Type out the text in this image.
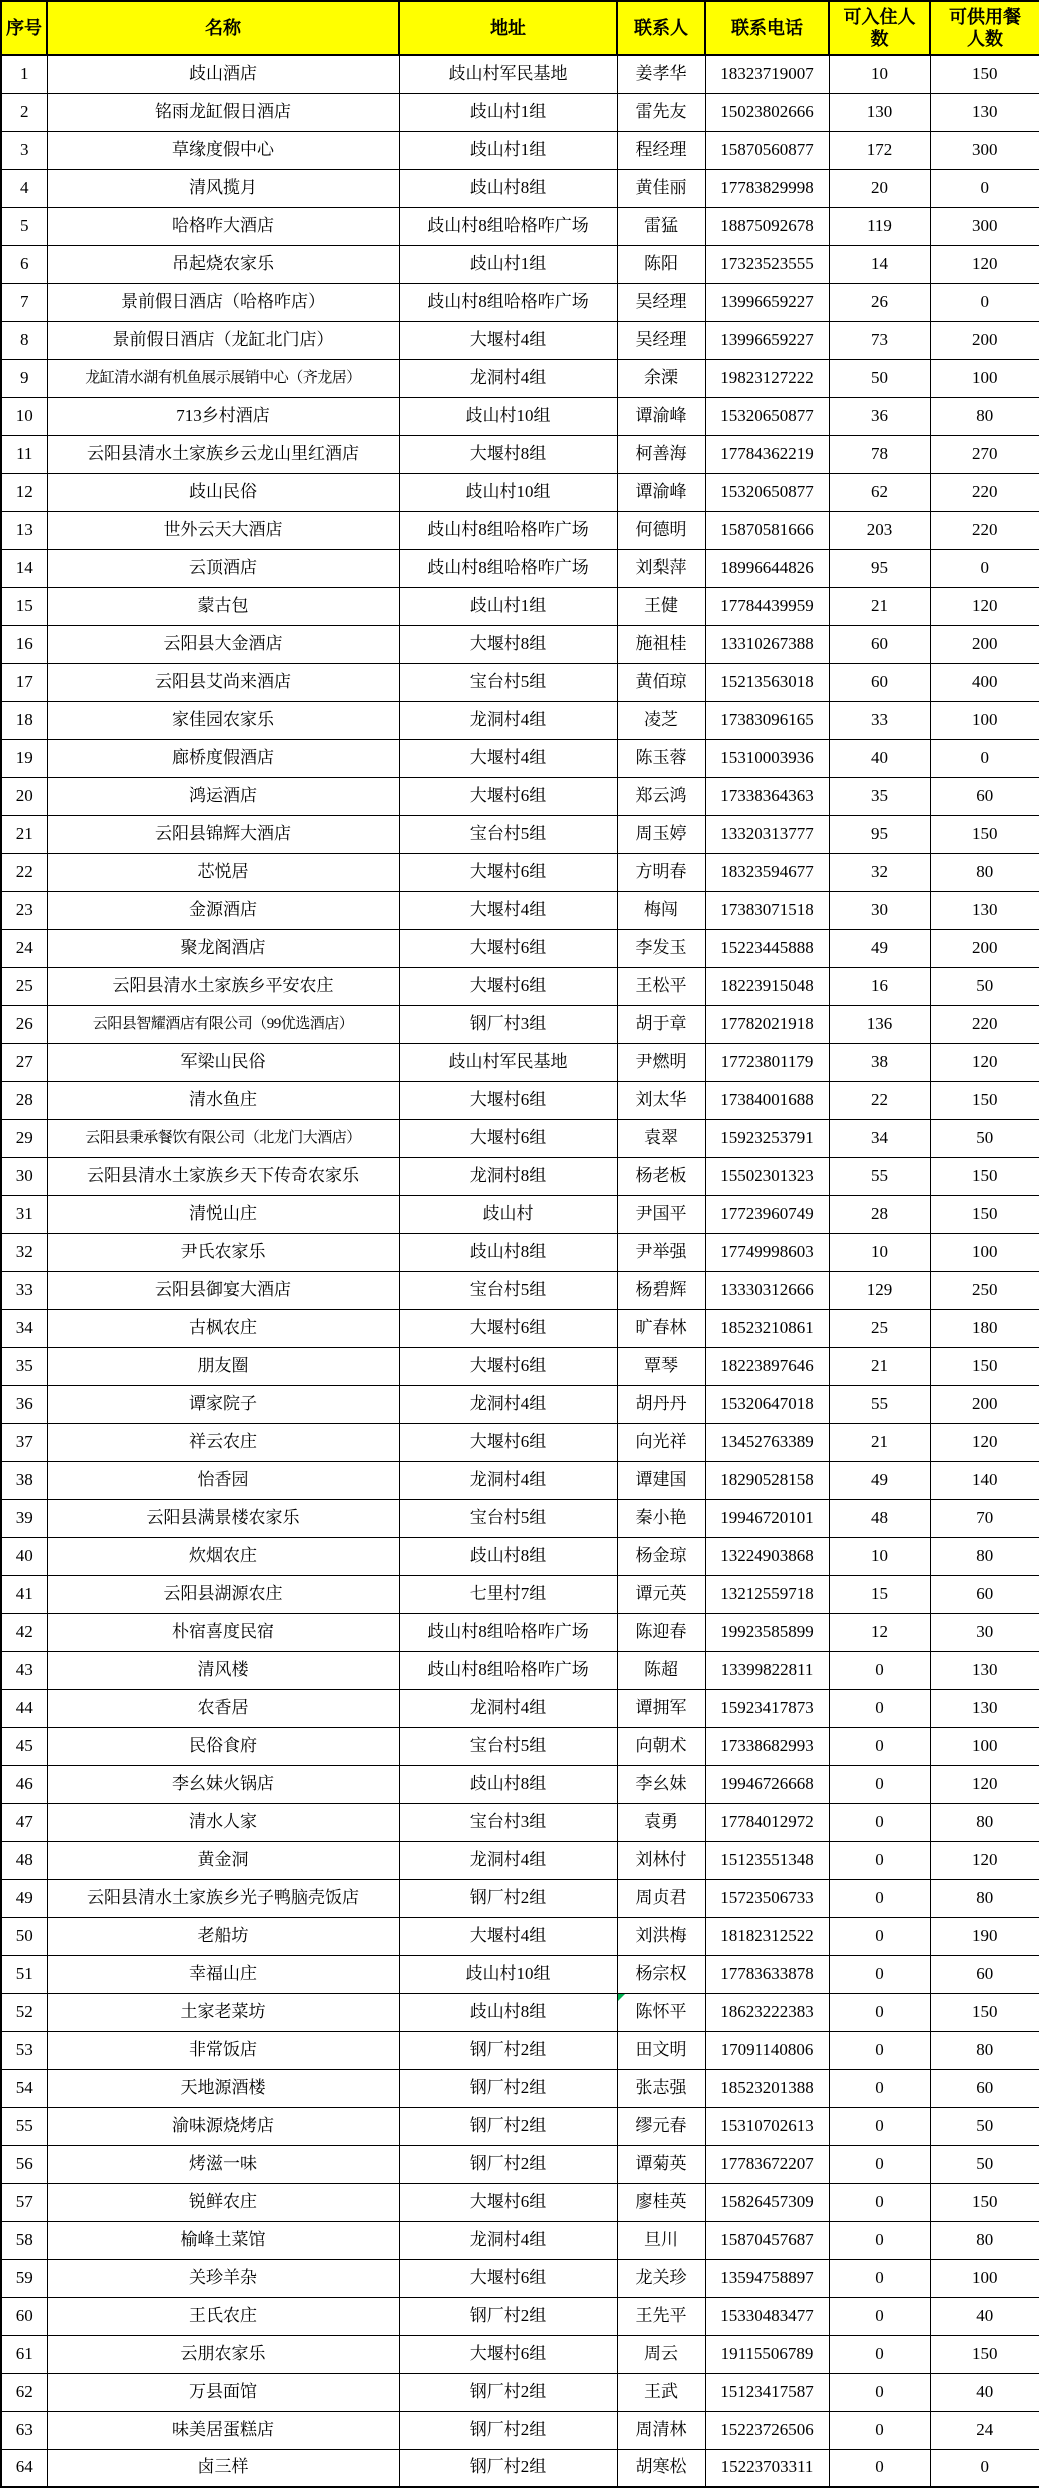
序号	名称	地址	联系人	联系电话	可入住人数	可供用餐人数
1	歧山酒店	歧山村军民基地	姜孝华	18323719007	10	150
2	铭雨龙缸假日酒店	歧山村1组	雷先友	15023802666	130	130
3	草缘度假中心	歧山村1组	程经理	15870560877	172	300
4	清风揽月	歧山村8组	黄佳丽	17783829998	20	0
5	哈格咋大酒店	歧山村8组哈格咋广场	雷猛	18875092678	119	300
6	吊起烧农家乐	歧山村1组	陈阳	17323523555	14	120
7	景前假日酒店（哈格咋店）	歧山村8组哈格咋广场	吴经理	13996659227	26	0
8	景前假日酒店（龙缸北门店）	大堰村4组	吴经理	13996659227	73	200
9	龙缸清水湖有机鱼展示展销中心（齐龙居）	龙洞村4组	余溧	19823127222	50	100
10	713乡村酒店	歧山村10组	谭渝峰	15320650877	36	80
11	云阳县清水土家族乡云龙山里红酒店	大堰村8组	柯善海	17784362219	78	270
12	歧山民俗	歧山村10组	谭渝峰	15320650877	62	220
13	世外云天大酒店	歧山村8组哈格咋广场	何德明	15870581666	203	220
14	云顶酒店	歧山村8组哈格咋广场	刘梨萍	18996644826	95	0
15	蒙古包	歧山村1组	王健	17784439959	21	120
16	云阳县大金酒店	大堰村8组	施祖桂	13310267388	60	200
17	云阳县艾尚来酒店	宝台村5组	黄佰琼	15213563018	60	400
18	家佳园农家乐	龙洞村4组	凌芝	17383096165	33	100
19	廊桥度假酒店	大堰村4组	陈玉蓉	15310003936	40	0
20	鸿运酒店	大堰村6组	郑云鸿	17338364363	35	60
21	云阳县锦辉大酒店	宝台村5组	周玉婷	13320313777	95	150
22	芯悦居	大堰村6组	方明春	18323594677	32	80
23	金源酒店	大堰村4组	梅闯	17383071518	30	130
24	聚龙阁酒店	大堰村6组	李发玉	15223445888	49	200
25	云阳县清水土家族乡平安农庄	大堰村6组	王松平	18223915048	16	50
26	云阳县智耀酒店有限公司（99优选酒店）	钢厂村3组	胡于章	17782021918	136	220
27	军梁山民俗	歧山村军民基地	尹燃明	17723801179	38	120
28	清水鱼庄	大堰村6组	刘太华	17384001688	22	150
29	云阳县秉承餐饮有限公司（北龙门大酒店）	大堰村6组	袁翠	15923253791	34	50
30	云阳县清水土家族乡天下传奇农家乐	龙洞村8组	杨老板	15502301323	55	150
31	清悦山庄	歧山村	尹国平	17723960749	28	150
32	尹氏农家乐	歧山村8组	尹举强	17749998603	10	100
33	云阳县御宴大酒店	宝台村5组	杨碧辉	13330312666	129	250
34	古枫农庄	大堰村6组	旷春林	18523210861	25	180
35	朋友圈	大堰村6组	覃琴	18223897646	21	150
36	谭家院子	龙洞村4组	胡丹丹	15320647018	55	200
37	祥云农庄	大堰村6组	向光祥	13452763389	21	120
38	怡香园	龙洞村4组	谭建国	18290528158	49	140
39	云阳县满景楼农家乐	宝台村5组	秦小艳	19946720101	48	70
40	炊烟农庄	歧山村8组	杨金琼	13224903868	10	80
41	云阳县湖源农庄	七里村7组	谭元英	13212559718	15	60
42	朴宿喜度民宿	歧山村8组哈格咋广场	陈迎春	19923585899	12	30
43	清风楼	歧山村8组哈格咋广场	陈超	13399822811	0	130
44	农香居	龙洞村4组	谭拥军	15923417873	0	130
45	民俗食府	宝台村5组	向朝术	17338682993	0	100
46	李幺妹火锅店	歧山村8组	李幺妹	19946726668	0	120
47	清水人家	宝台村3组	袁勇	17784012972	0	80
48	黄金洞	龙洞村4组	刘林付	15123551348	0	120
49	云阳县清水土家族乡光子鸭脑壳饭店	钢厂村2组	周贞君	15723506733	0	80
50	老船坊	大堰村4组	刘洪梅	18182312522	0	190
51	幸福山庄	歧山村10组	杨宗权	17783633878	0	60
52	土家老菜坊	歧山村8组	陈怀平	18623222383	0	150
53	非常饭店	钢厂村2组	田文明	17091140806	0	80
54	天地源酒楼	钢厂村2组	张志强	18523201388	0	60
55	渝味源烧烤店	钢厂村2组	缪元春	15310702613	0	50
56	烤滋一味	钢厂村2组	谭菊英	17783672207	0	50
57	锐鲜农庄	大堰村6组	廖桂英	15826457309	0	150
58	榆峰土菜馆	龙洞村4组	旦川	15870457687	0	80
59	关珍羊杂	大堰村6组	龙关珍	13594758897	0	100
60	王氏农庄	钢厂村2组	王先平	15330483477	0	40
61	云朋农家乐	大堰村6组	周云	19115506789	0	150
62	万县面馆	钢厂村2组	王武	15123417587	0	40
63	味美居蛋糕店	钢厂村2组	周清林	15223726506	0	24
64	卤三样	钢厂村2组	胡寒松	15223703311	0	0
